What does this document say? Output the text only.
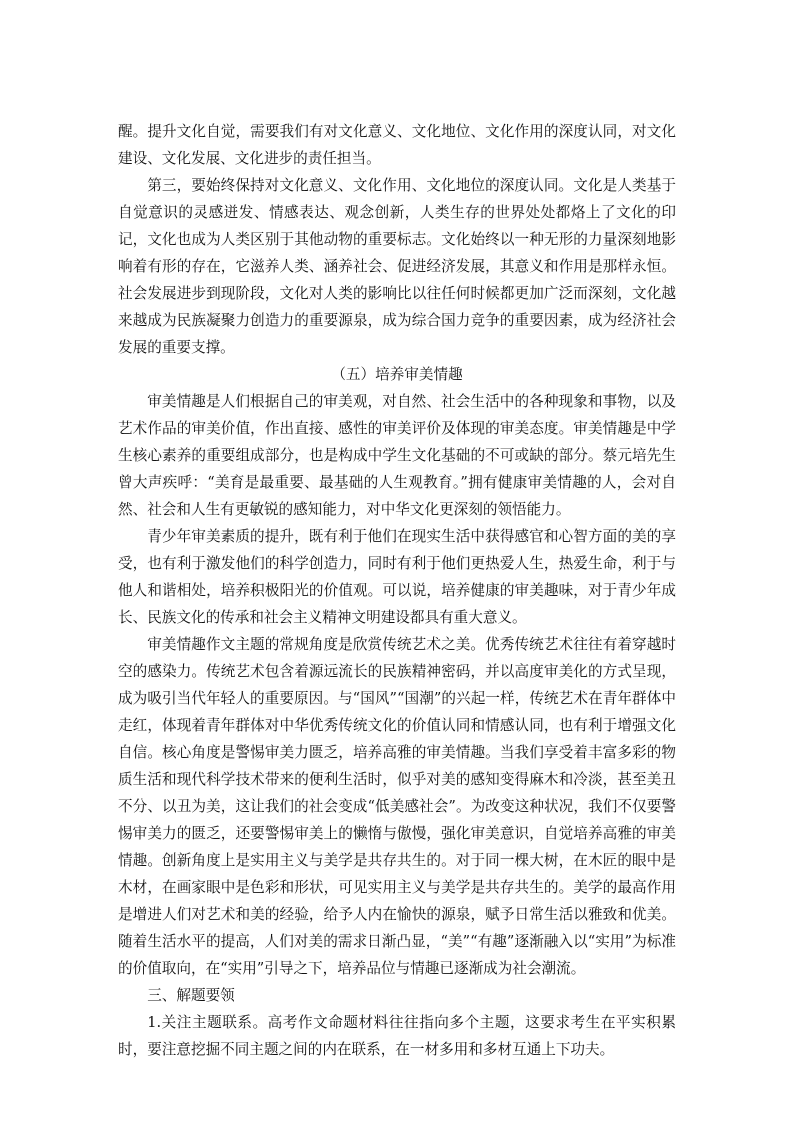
醒。提升文化自觉，需要我们有对文化意义、文化地位、文化作用的深度认同，对文化建设、文化发展、文化进步的责任担当。

第三，要始终保持对文化意义、文化作用、文化地位的深度认同。文化是人类基于自觉意识的灵感迸发、情感表达、观念创新，人类生存的世界处处都烙上了文化的印记，文化也成为人类区别于其他动物的重要标志。文化始终以一种无形的力量深刻地影响着有形的存在，它滋养人类、涵养社会、促进经济发展，其意义和作用是那样永恒。社会发展进步到现阶段，文化对人类的影响比以往任何时候都更加广泛而深刻，文化越来越成为民族凝聚力创造力的重要源泉，成为综合国力竞争的重要因素，成为经济社会发展的重要支撑。

（五）培养审美情趣

审美情趣是人们根据自己的审美观，对自然、社会生活中的各种现象和事物，以及艺术作品的审美价值，作出直接、感性的审美评价及体现的审美态度。审美情趣是中学生核心素养的重要组成部分，也是构成中学生文化基础的不可或缺的部分。蔡元培先生曾大声疾呼：“美育是最重要、最基础的人生观教育。”拥有健康审美情趣的人，会对自然、社会和人生有更敏锐的感知能力，对中华文化更深刻的领悟能力。

青少年审美素质的提升，既有利于他们在现实生活中获得感官和心智方面的美的享受，也有利于激发他们的科学创造力，同时有利于他们更热爱人生，热爱生命，利于与他人和谐相处，培养积极阳光的价值观。可以说，培养健康的审美趣味，对于青少年成长、民族文化的传承和社会主义精神文明建设都具有重大意义。

审美情趣作文主题的常规角度是欣赏传统艺术之美。优秀传统艺术往往有着穿越时空的感染力。传统艺术包含着源远流长的民族精神密码，并以高度审美化的方式呈现，成为吸引当代年轻人的重要原因。与“国风”“国潮”的兴起一样，传统艺术在青年群体中走红，体现着青年群体对中华优秀传统文化的价值认同和情感认同，也有利于增强文化自信。核心角度是警惕审美力匮乏，培养高雅的审美情趣。当我们享受着丰富多彩的物质生活和现代科学技术带来的便利生活时，似乎对美的感知变得麻木和冷淡，甚至美丑不分、以丑为美，这让我们的社会变成“低美感社会”。为改变这种状况，我们不仅要警惕审美力的匮乏，还要警惕审美上的懒惰与傲慢，强化审美意识，自觉培养高雅的审美情趣。创新角度上是实用主义与美学是共存共生的。对于同一棵大树，在木匠的眼中是木材，在画家眼中是色彩和形状，可见实用主义与美学是共存共生的。美学的最高作用是增进人们对艺术和美的经验，给予人内在愉快的源泉，赋予日常生活以雅致和优美。随着生活水平的提高，人们对美的需求日渐凸显，“美”“有趣”逐渐融入以“实用”为标准的价值取向，在“实用”引导之下，培养品位与情趣已逐渐成为社会潮流。

三、解题要领

1.关注主题联系。高考作文命题材料往往指向多个主题，这要求考生在平实积累时，要注意挖掘不同主题之间的内在联系，在一材多用和多材互通上下功夫。
